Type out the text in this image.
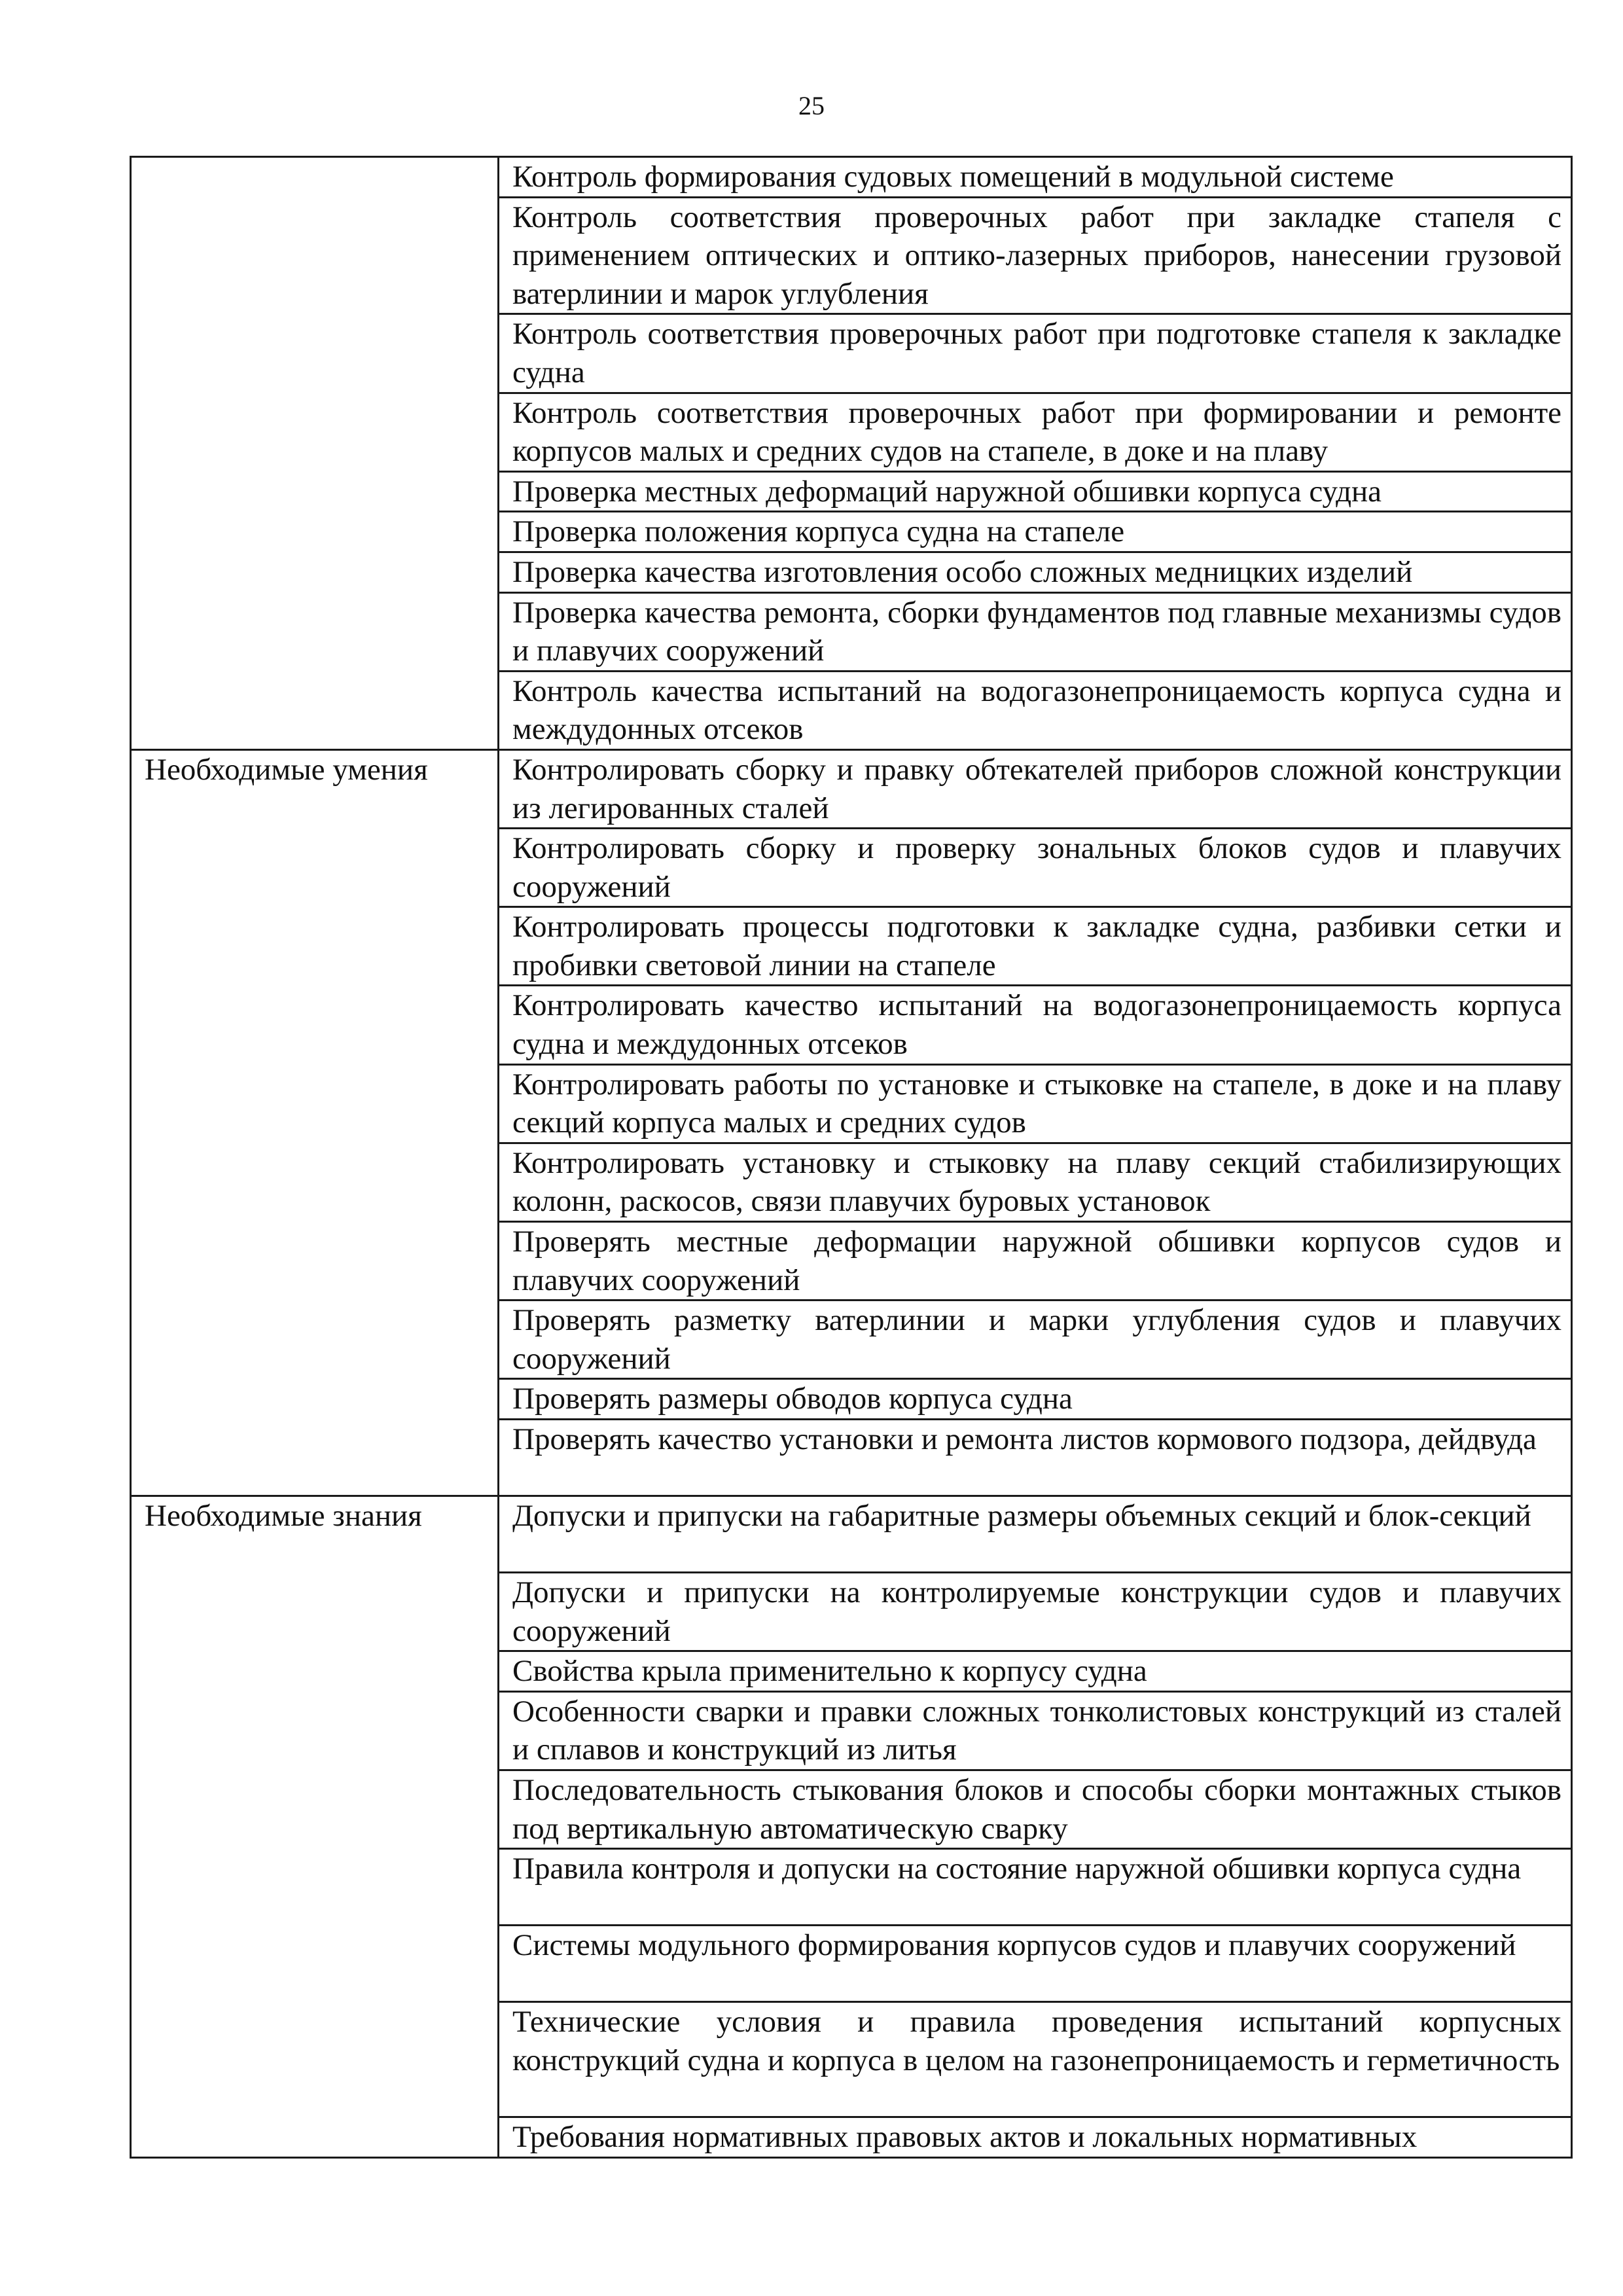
25
	Контроль формирования судовых помещений в модульной системе
	Контроль соответствия проверочных работ при закладке стапеля с применением оптических и оптико-лазерных приборов, нанесении грузовой ватерлинии и марок углубления
	Контроль соответствия проверочных работ при подготовке стапеля к закладке судна
	Контроль соответствия проверочных работ при формировании и ремонте корпусов малых и средних судов на стапеле, в доке и на плаву
	Проверка местных деформаций наружной обшивки корпуса судна
	Проверка положения корпуса судна на стапеле
	Проверка качества изготовления особо сложных медницких изделий
	Проверка качества ремонта, сборки фундаментов под главные механизмы судов и плавучих сооружений
	Контроль качества испытаний на водогазонепроницаемость корпуса судна и междудонных отсеков
Необходимые умения	Контролировать сборку и правку обтекателей приборов сложной конструкции из легированных сталей
	Контролировать сборку и проверку зональных блоков судов и плавучих сооружений
	Контролировать процессы подготовки к закладке судна, разбивки сетки и пробивки световой линии на стапеле
	Контролировать качество испытаний на водогазонепроницаемость корпуса судна и междудонных отсеков
	Контролировать работы по установке и стыковке на стапеле, в доке и на плаву секций корпуса малых и средних судов
	Контролировать установку и стыковку на плаву секций стабилизирующих колонн, раскосов, связи плавучих буровых установок
	Проверять местные деформации наружной обшивки корпусов судов и плавучих сооружений
	Проверять разметку ватерлинии и марки углубления судов и плавучих сооружений
	Проверять размеры обводов корпуса судна
	Проверять качество установки и ремонта листов кормового подзора, дейдвуда
Необходимые знания	Допуски и припуски на габаритные размеры объемных секций и блок-секций
	Допуски и припуски на контролируемые конструкции судов и плавучих сооружений
	Свойства крыла применительно к корпусу судна
	Особенности сварки и правки сложных тонколистовых конструкций из сталей и сплавов и конструкций из литья
	Последовательность стыкования блоков и способы сборки монтажных стыков под вертикальную автоматическую сварку
	Правила контроля и допуски на состояние наружной обшивки корпуса судна
	Системы модульного формирования корпусов судов и плавучих сооружений
	Технические условия и правила проведения испытаний корпусных конструкций судна и корпуса в целом на газонепроницаемость и герметичность

	Требования нормативных правовых актов и локальных нормативных
